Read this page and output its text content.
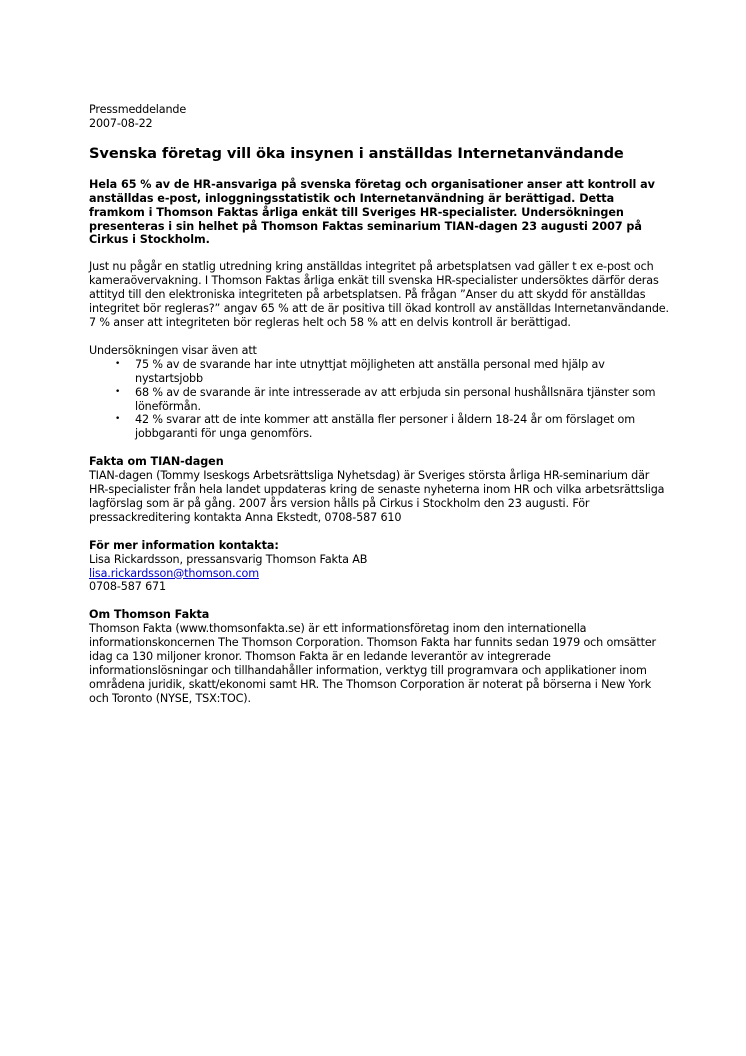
Pressmeddelande

2007-08-22

Svenska företag vill öka insynen i anställdas Internetanvändande

Hela 65 % av de HR-ansvariga på svenska företag och organisationer anser att kontroll av anställdas e-post, inloggningsstatistik och Internetanvändning är berättigad. Detta framkom i Thomson Faktas årliga enkät till Sveriges HR-specialister. Undersökningen presenteras i sin helhet på Thomson Faktas seminarium TIAN-dagen 23 augusti 2007 på Cirkus i Stockholm.

Just nu pågår en statlig utredning kring anställdas integritet på arbetsplatsen vad gäller t ex e-post och kameraövervakning. I Thomson Faktas årliga enkät till svenska HR-specialister undersöktes därför deras attityd till den elektroniska integriteten på arbetsplatsen. På frågan ”Anser du att skydd för anställdas integritet bör regleras?” angav 65 % att de är positiva till ökad kontroll av anställdas Internetanvändande. 7 % anser att integriteten bör regleras helt och 58 % att en delvis kontroll är berättigad.

Undersökningen visar även att

• 75 % av de svarande har inte utnyttjat möjligheten att anställa personal med hjälp av nystartsjobb
• 68 % av de svarande är inte intresserade av att erbjuda sin personal hushållsnära tjänster som löneförmån.
• 42 % svarar att de inte kommer att anställa fler personer i åldern 18-24 år om förslaget om jobbgaranti för unga genomförs.

Fakta om TIAN-dagen

TIAN-dagen (Tommy Iseskogs Arbetsrättsliga Nyhetsdag) är Sveriges största årliga HR-seminarium där HR-specialister från hela landet uppdateras kring de senaste nyheterna inom HR och vilka arbetsrättsliga lagförslag som är på gång. 2007 års version hålls på Cirkus i Stockholm den 23 augusti. För pressackreditering kontakta Anna Ekstedt, 0708-587 610

För mer information kontakta:

Lisa Rickardsson, pressansvarig Thomson Fakta AB

lisa.rickardsson@thomson.com

0708-587 671

Om Thomson Fakta

Thomson Fakta (www.thomsonfakta.se) är ett informationsföretag inom den internationella informationskoncernen The Thomson Corporation. Thomson Fakta har funnits sedan 1979 och omsätter idag ca 130 miljoner kronor. Thomson Fakta är en ledande leverantör av integrerade informationslösningar och tillhandahåller information, verktyg till programvara och applikationer inom områdena juridik, skatt/ekonomi samt HR. The Thomson Corporation är noterat på börserna i New York och Toronto (NYSE, TSX:TOC).
